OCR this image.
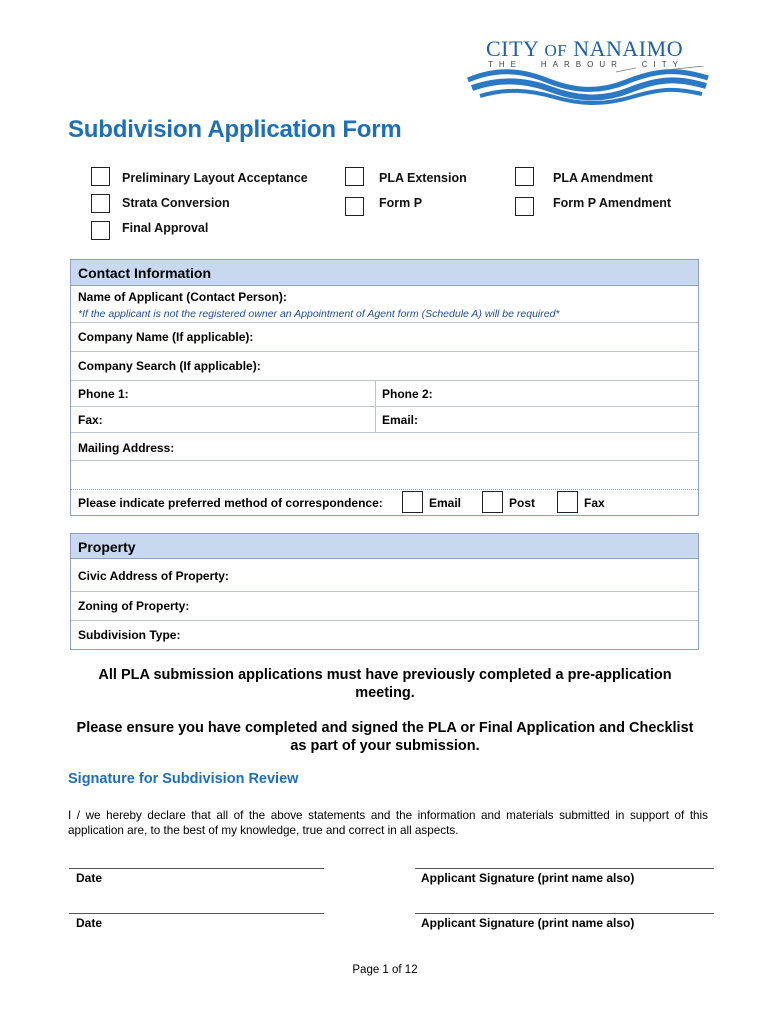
CITY OF NANAIMO
THE HARBOUR CITY
Subdivision Application Form
Preliminary Layout Acceptance	PLA Extension	PLA Amendment
Strata Conversion	Form P	Form P Amendment
Final Approval
Contact Information
Name of Applicant (Contact Person):
*If the applicant is not the registered owner an Appointment of Agent form (Schedule A) will be required*
Company Name (If applicable):
Company Search (If applicable):
Phone 1:	Phone 2:
Fax:	Email:
Mailing Address:
Please indicate preferred method of correspondence:	Email	Post	Fax
Property
Civic Address of Property:
Zoning of Property:
Subdivision Type:
All PLA submission applications must have previously completed a pre-application meeting.
Please ensure you have completed and signed the PLA or Final Application and Checklist as part of your submission.
Signature for Subdivision Review
I / we hereby declare that all of the above statements and the information and materials submitted in support of this application are, to the best of my knowledge, true and correct in all aspects.
Date	Applicant Signature (print name also)
Date	Applicant Signature (print name also)
Page 1 of 12
